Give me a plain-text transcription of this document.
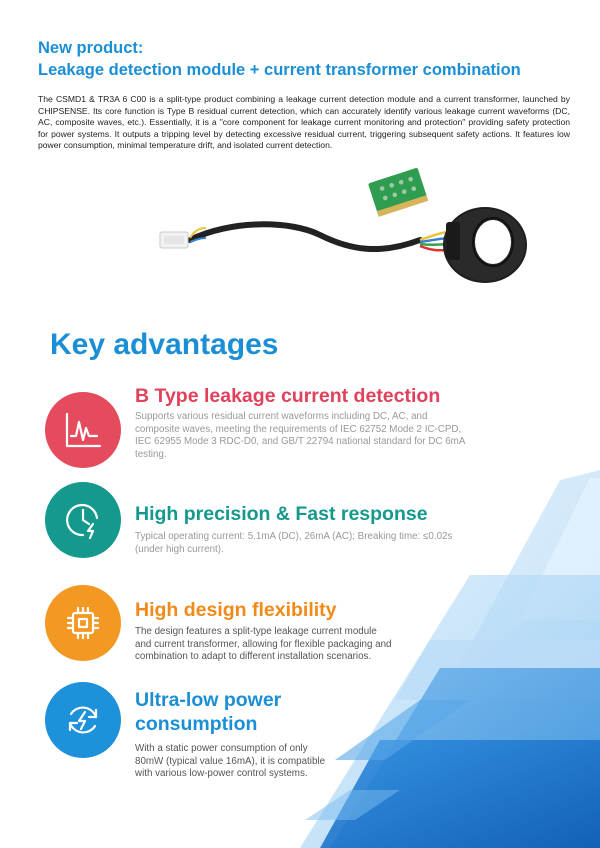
New product:
Leakage detection module + current transformer combination

The CSMD1 & TR3A 6 C00 is a split-type product combining a leakage current detection module and a current transformer, launched by CHIPSENSE. Its core function is Type B residual current detection, which can accurately identify various leakage current waveforms (DC, AC, composite waves, etc.). Essentially, it is a "core component for leakage current monitoring and protection" providing safety protection for power systems. It outputs a tripping level by detecting excessive residual current, triggering subsequent safety actions. It features low power consumption, minimal temperature drift, and isolated current detection.

Key advantages
B Type leakage current detection
Supports various residual current waveforms including DC, AC, and composite waves, meeting the requirements of IEC 62752 Mode 2 IC-CPD, IEC 62955 Mode 3 RDC-D0, and GB/T 22794 national standard for DC 6mA testing.
High precision & Fast response
Typical operating current: 5.1mA (DC), 26mA (AC); Breaking time: ≤0.02s (under high current).
High design flexibility
The design features a split-type leakage current module and current transformer, allowing for flexible packaging and combination to adapt to different installation scenarios.
Ultra-low power consumption
With a static power consumption of only 80mW (typical value 16mA), it is compatible with various low-power control systems.
